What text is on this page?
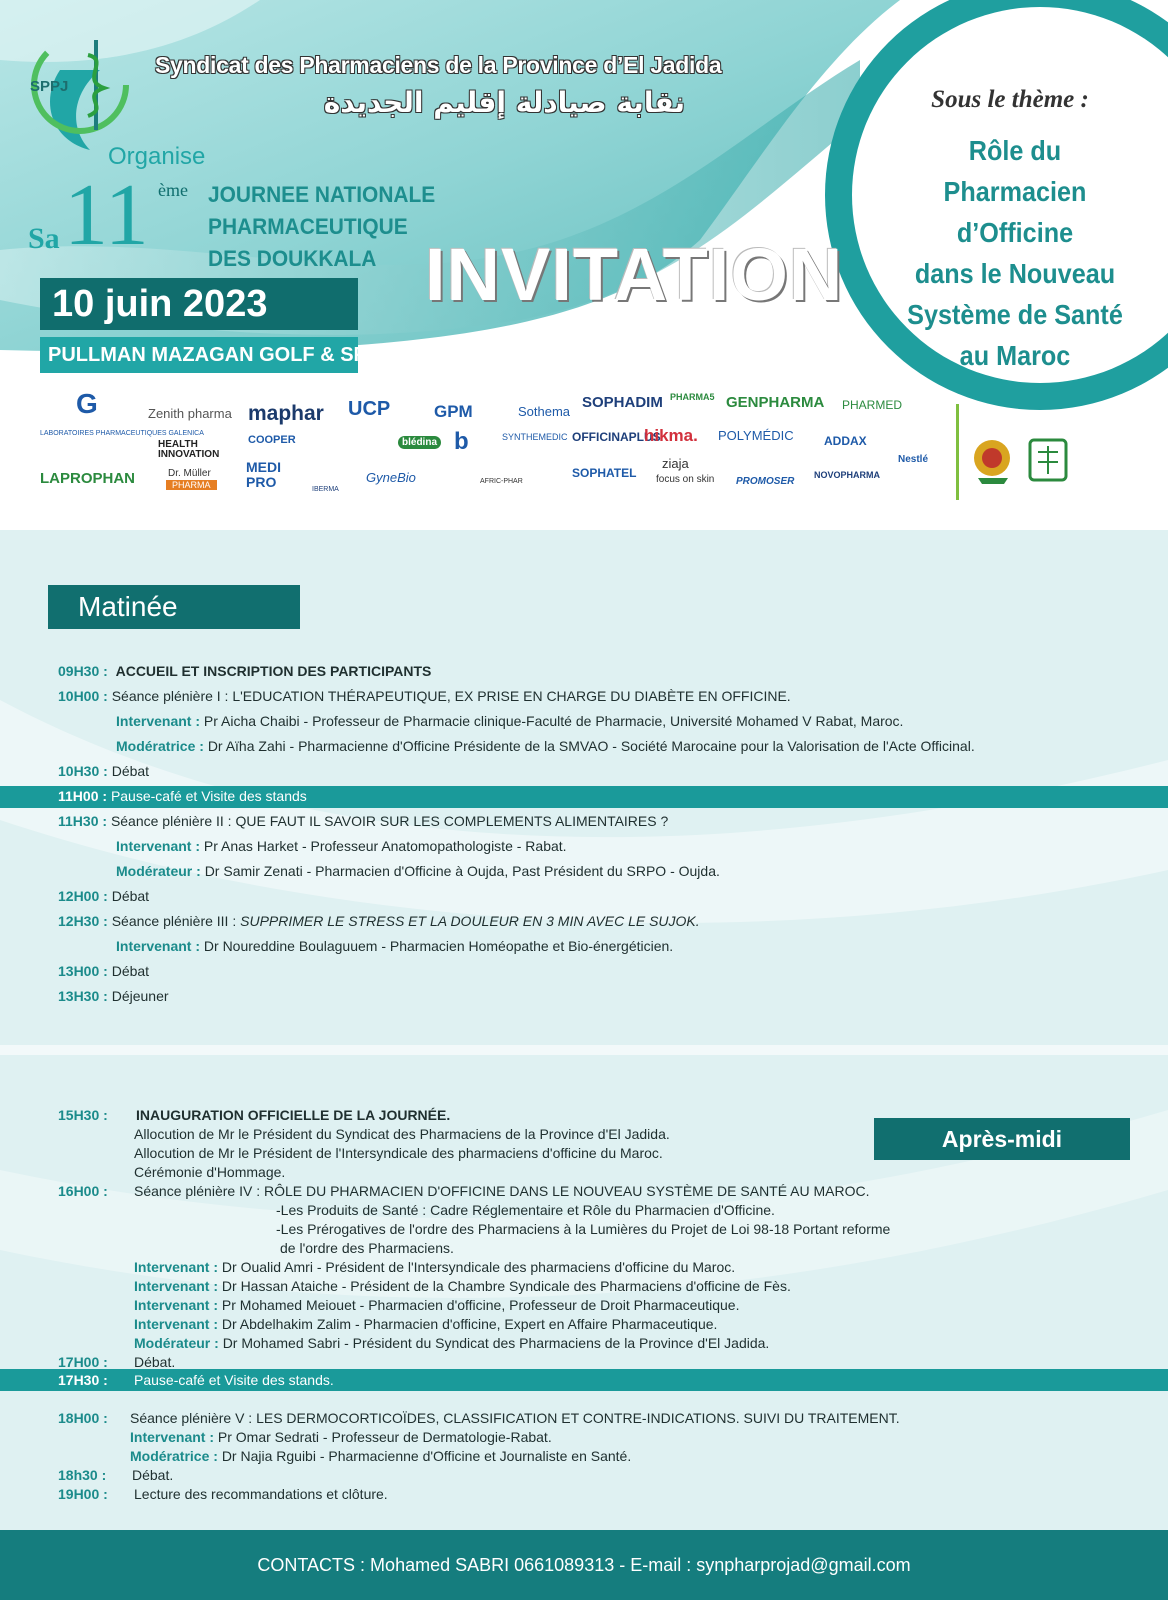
SPPJ
Syndicat des Pharmaciens de la Province d’El Jadida
نقابة صيادلة إقليم الجديدة
Organise
Sa 11 ème JOURNEE NATIONALE
PHARMACEUTIQUE
DES DOUKKALA
10 juin 2023
PULLMAN MAZAGAN GOLF & SPA
INVITATION
Sous le thème :
Rôle du Pharmacien
d’Officine
dans le Nouveau
Système de Santé
au Maroc
G
LABORATOIRES PHARMACEUTIQUES GALENICA
Zenith pharma maphar UCP	GPM	Sothema
SOPHADIM PHARMA5 GENPHARMA PHARMED
HEALTH INNOVATION
COOPER	blédina b	SYNTHEMEDIC OFFICINAPLUS
hikma. POLYMÉDIC	ADDAX
LAPROPHAN	Dr. Müller
PHARMA
MEDI PRO	IBERMA
GyneBio	AFRIC-PHAR
SOPHATEL
ziaja
focus on skin PROMOSER
NOVOPHARMA
Nestlé
Matinée
09H30 : ACCUEIL ET INSCRIPTION DES PARTICIPANTS
10H00 : Séance plénière I : L'EDUCATION THÉRAPEUTIQUE, EX PRISE EN CHARGE DU DIABÈTE EN OFFICINE.
Intervenant : Pr Aicha Chaibi - Professeur de Pharmacie clinique-Faculté de Pharmacie, Université Mohamed V Rabat, Maroc.
Modératrice : Dr Aïha Zahi - Pharmacienne d'Officine Présidente de la SMVAO - Société Marocaine pour la Valorisation de l'Acte Officinal.
10H30 : Débat
11H00 : Pause-café et Visite des stands
11H30 : Séance plénière II : QUE FAUT IL SAVOIR SUR LES COMPLEMENTS ALIMENTAIRES ?
Intervenant : Pr Anas Harket - Professeur Anatomopathologiste - Rabat.
Modérateur : Dr Samir Zenati - Pharmacien d'Officine à Oujda, Past Président du SRPO - Oujda.
12H00 : Débat
12H30 : Séance plénière III : SUPPRIMER LE STRESS ET LA DOULEUR EN 3 MIN AVEC LE SUJOK.
Intervenant : Dr Noureddine Boulaguuem - Pharmacien Homéopathe et Bio-énergéticien.
13H00 : Débat
13H30 : Déjeuner
Après-midi
15H30 : INAUGURATION OFFICIELLE DE LA JOURNÉE.
Allocution de Mr le Président du Syndicat des Pharmaciens de la Province d'El Jadida.
Allocution de Mr le Président de l'Intersyndicale des pharmaciens d'officine du Maroc.
Cérémonie d'Hommage.
16H00 : Séance plénière IV : RÔLE DU PHARMACIEN D'OFFICINE DANS LE NOUVEAU SYSTÈME DE SANTÉ AU MAROC.
-Les Produits de Santé : Cadre Réglementaire et Rôle du Pharmacien d'Officine.
-Les Prérogatives de l'ordre des Pharmaciens à la Lumières du Projet de Loi 98-18 Portant reforme
de l'ordre des Pharmaciens.
Intervenant : Dr Oualid Amri - Président de l'Intersyndicale des pharmaciens d'officine du Maroc.
Intervenant : Dr Hassan Ataiche - Président de la Chambre Syndicale des Pharmaciens d'officine de Fès.
Intervenant : Pr Mohamed Meiouet - Pharmacien d'officine, Professeur de Droit Pharmaceutique.
Intervenant : Dr Abdelhakim Zalim - Pharmacien d'officine, Expert en Affaire Pharmaceutique.
Modérateur : Dr Mohamed Sabri - Président du Syndicat des Pharmaciens de la Province d'El Jadida.
17H00 : Débat.
17H30 : Pause-café et Visite des stands.
18H00 : Séance plénière V : LES DERMOCORTICOÏDES, CLASSIFICATION ET CONTRE-INDICATIONS. SUIVI DU TRAITEMENT.
Intervenant : Pr Omar Sedrati - Professeur de Dermatologie-Rabat.
Modératrice : Dr Najia Rguibi - Pharmacienne d'Officine et Journaliste en Santé.
18h30 : Débat.
19H00 : Lecture des recommandations et clôture.
CONTACTS : Mohamed SABRI 0661089313 - E-mail : synpharprojad@gmail.com
